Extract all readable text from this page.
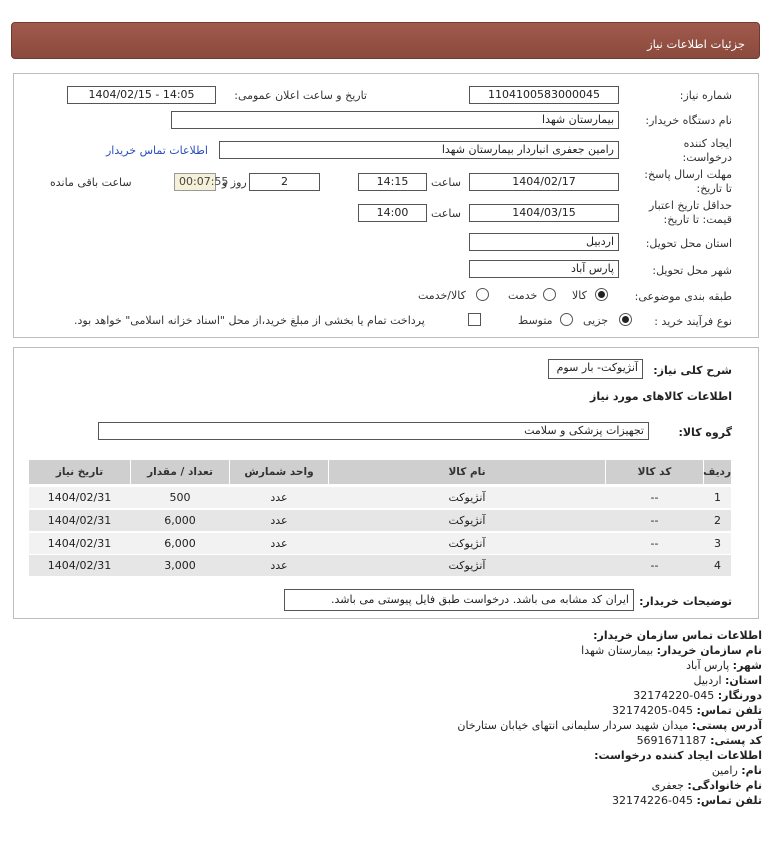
جزئیات اطلاعات نیاز
شماره نیاز:
1104100583000045
تاریخ و ساعت اعلان عمومی:
1404/02/15 - 14:05
نام دستگاه خریدار:
بیمارستان شهدا
ایجاد کننده
درخواست:
رامین جعفری انباردار بیمارستان شهدا
اطلاعات تماس خریدار
مهلت ارسال پاسخ:
تا تاریخ:
1404/02/17
ساعت
14:15
2
روز و
00:07:55
ساعت باقی مانده
حداقل تاریخ اعتبار
قیمت: تا تاریخ:
1404/03/15
ساعت
14:00
استان محل تحویل:
اردبیل
شهر محل تحویل:
پارس آباد
طبقه بندی موضوعی:
کالا
خدمت
کالا/خدمت
نوع فرآیند خرید :
جزیی
متوسط
پرداخت تمام یا بخشی از مبلغ خرید،از محل "اسناد خزانه اسلامی" خواهد بود.
شرح کلی نیاز:
آنژیوکت- بار سوم
اطلاعات کالاهای مورد نیاز
گروه کالا:
تجهیزات پزشکی و سلامت
ردیف
کد کالا
نام کالا
واحد شمارش
تعداد / مقدار
تاریخ نیاز
1
--
آنژیوکت
عدد
500
1404/02/31
2
--
آنژیوکت
عدد
6,000
1404/02/31
3
--
آنژیوکت
عدد
6,000
1404/02/31
4
--
آنژیوکت
عدد
3,000
1404/02/31
توضیحات خریدار:
ایران کد مشابه می باشد. درخواست طبق فایل پیوستی می باشد.
اطلاعات تماس سازمان خریدار:
نام سازمان خریدار: بیمارستان شهدا
شهر: پارس آباد
استان: اردبیل
دورنگار: 045-32174220
تلفن تماس: 045-32174205
آدرس پستی: میدان شهید سردار سلیمانی انتهای خیابان ستارخان
کد پستی: 5691671187
اطلاعات ایجاد کننده درخواست:
نام: رامین
نام خانوادگی: جعفری
تلفن تماس: 045-32174226
